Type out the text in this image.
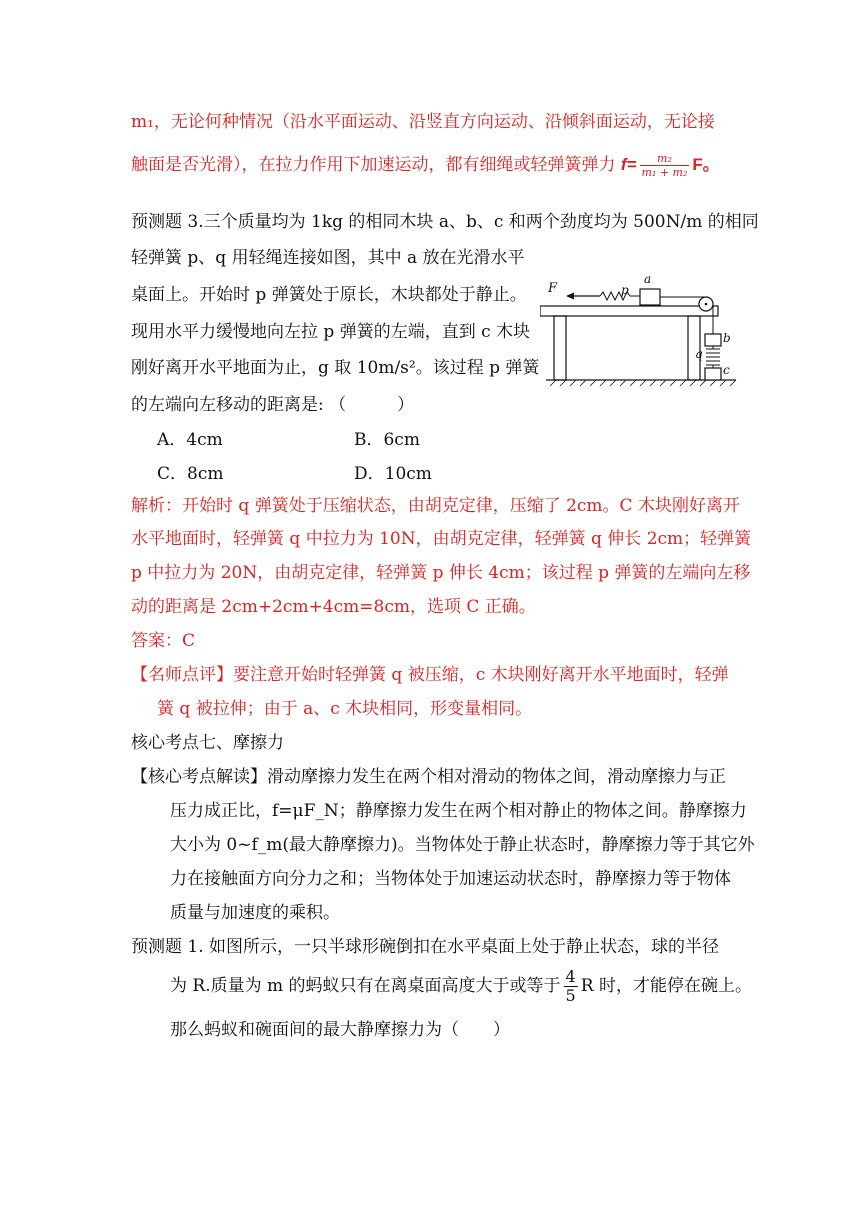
m₁，无论何种情况（沿水平面运动、沿竖直方向运动、沿倾斜面运动，无论接
触面是否光滑），在拉力作用下加速运动，都有细绳或轻弹簧弹力 $f= \frac{\text{m₂}}{\text{m₁ + m₂}}$ F。
预测题 3.三个质量均为 1kg 的相同木块 a、b、c 和两个劲度均为 500N/m 的相同
轻弹簧 p、q 用轻绳连接如图，其中 a 放在光滑水平
桌面上。开始时 p 弹簧处于原长，木块都处于静止。
现用水平力缓慢地向左拉 p 弹簧的左端，直到 c 木块
刚好离开水平地面为止，g 取 10m/s²。该过程 p 弹簧
的左端向左移动的距离是: （　　　）
A．4cm	B．6cm
C．8cm	D．10cm
F	p
a
b
q
c
解析：开始时 q 弹簧处于压缩状态，由胡克定律，压缩了 2cm。C 木块刚好离开
水平地面时，轻弹簧 q 中拉力为 10N，由胡克定律，轻弹簧 q 伸长 2cm；轻弹簧
p 中拉力为 20N，由胡克定律，轻弹簧 p 伸长 4cm；该过程 p 弹簧的左端向左移
动的距离是 2cm+2cm+4cm=8cm，选项 C 正确。
答案：C
【名师点评】要注意开始时轻弹簧 q 被压缩，c 木块刚好离开水平地面时，轻弹
簧 q 被拉伸；由于 a、c 木块相同，形变量相同。
核心考点七、摩擦力
【核心考点解读】滑动摩擦力发生在两个相对滑动的物体之间，滑动摩擦力与正
压力成正比，f=μF_N；静摩擦力发生在两个相对静止的物体之间。静摩擦力
大小为 0~f_m(最大静摩擦力)。当物体处于静止状态时，静摩擦力等于其它外
力在接触面方向分力之和；当物体处于加速运动状态时，静摩擦力等于物体
质量与加速度的乘积。
预测题 1. 如图所示，一只半球形碗倒扣在水平桌面上处于静止状态，球的半径
为 R.质量为 m 的蚂蚁只有在离桌面高度大于或等于 $\frac{4}{5}$ R 时，才能停在碗上。
那么蚂蚁和碗面间的最大静摩擦力为（　　）
